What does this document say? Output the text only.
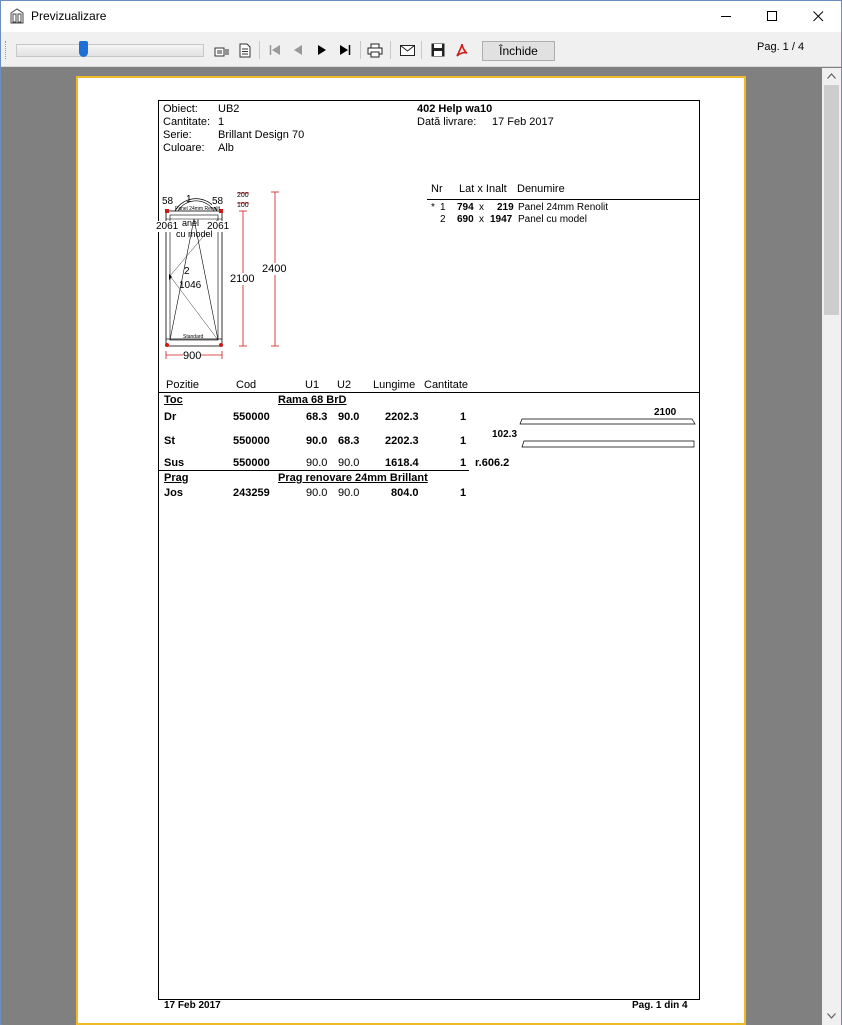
Previzualizare
Închide	Pag. 1 / 4
Obiect: UB2
Cantitate: 1
Serie: Brillant Design 70
Culoare: Alb
402 Help wa10
Dată livrare: 17 Feb 2017
Nr Lat x Inalt Denumire
* 1 794 x 219 Panel 24mm Renolit
2 690 x 1947 Panel cu model
58	58
1
Panel 24mm Renolit
200
100
2061	2061
anel
cu model
2
1046
2100
2400
900
Standard
Pozitie	Cod	U1 U2 Lungime Cantitate
Toc	Rama 68 BrD
Dr	550000	68.3 90.0 2202.3	1
St	550000	90.0 68.3 2202.3	1
Sus	550000	90.0 90.0 1618.4	1 r.606.2
2100
102.3
Prag	Prag renovare 24mm Brillant
Jos	243259	90.0 90.0	804.0	1
17 Feb 2017	Pag. 1 din 4
